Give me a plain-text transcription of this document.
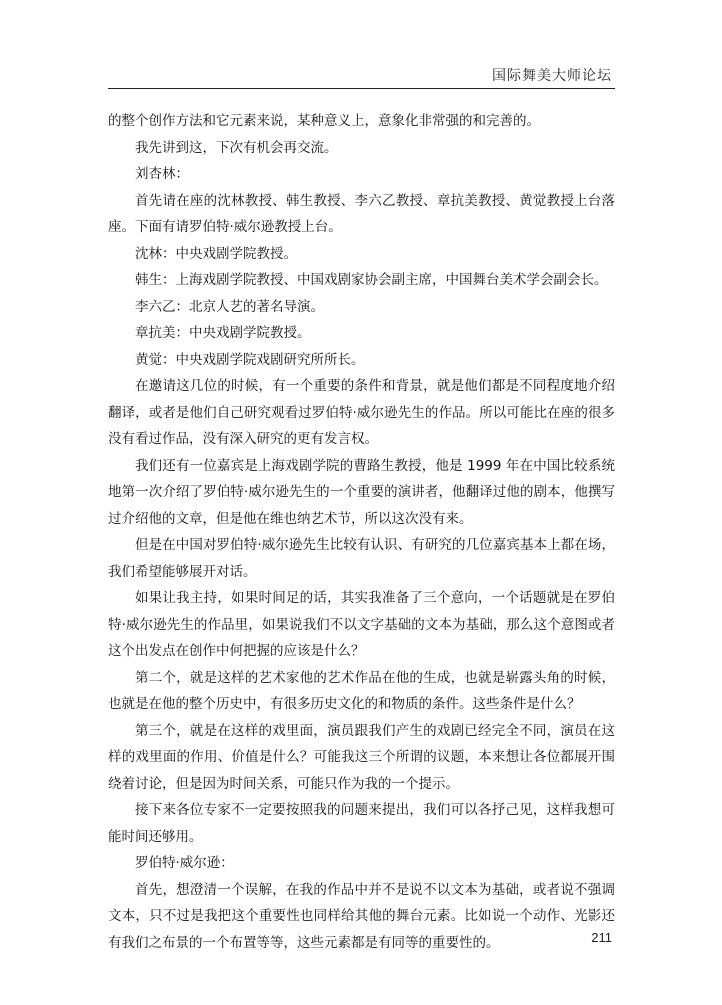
国际舞美大师论坛

的整个创作方法和它元素来说，某种意义上，意象化非常强的和完善的。

我先讲到这，下次有机会再交流。

刘杏林：

首先请在座的沈林教授、韩生教授、李六乙教授、章抗美教授、黄觉教授上台落座。下面有请罗伯特·威尔逊教授上台。

沈林：中央戏剧学院教授。

韩生：上海戏剧学院教授、中国戏剧家协会副主席，中国舞台美术学会副会长。

李六乙：北京人艺的著名导演。

章抗美：中央戏剧学院教授。

黄觉：中央戏剧学院戏剧研究所所长。

在邀请这几位的时候，有一个重要的条件和背景，就是他们都是不同程度地介绍翻译，或者是他们自己研究观看过罗伯特·威尔逊先生的作品。所以可能比在座的很多没有看过作品，没有深入研究的更有发言权。

我们还有一位嘉宾是上海戏剧学院的曹路生教授，他是 1999 年在中国比较系统地第一次介绍了罗伯特·威尔逊先生的一个重要的演讲者，他翻译过他的剧本，他撰写过介绍他的文章，但是他在维也纳艺术节，所以这次没有来。

但是在中国对罗伯特·威尔逊先生比较有认识、有研究的几位嘉宾基本上都在场，我们希望能够展开对话。

如果让我主持，如果时间足的话，其实我准备了三个意向，一个话题就是在罗伯特·威尔逊先生的作品里，如果说我们不以文字基础的文本为基础，那么这个意图或者这个出发点在创作中何把握的应该是什么？

第二个，就是这样的艺术家他的艺术作品在他的生成，也就是崭露头角的时候，也就是在他的整个历史中，有很多历史文化的和物质的条件。这些条件是什么？

第三个，就是在这样的戏里面，演员跟我们产生的戏剧已经完全不同，演员在这样的戏里面的作用、价值是什么？可能我这三个所谓的议题，本来想让各位都展开围绕着讨论，但是因为时间关系，可能只作为我的一个提示。

接下来各位专家不一定要按照我的问题来提出，我们可以各抒己见，这样我想可能时间还够用。

罗伯特·威尔逊：

首先，想澄清一个误解，在我的作品中并不是说不以文本为基础，或者说不强调文本，只不过是我把这个重要性也同样给其他的舞台元素。比如说一个动作、光影还有我们之布景的一个布置等等，这些元素都是有同等的重要性的。	211
